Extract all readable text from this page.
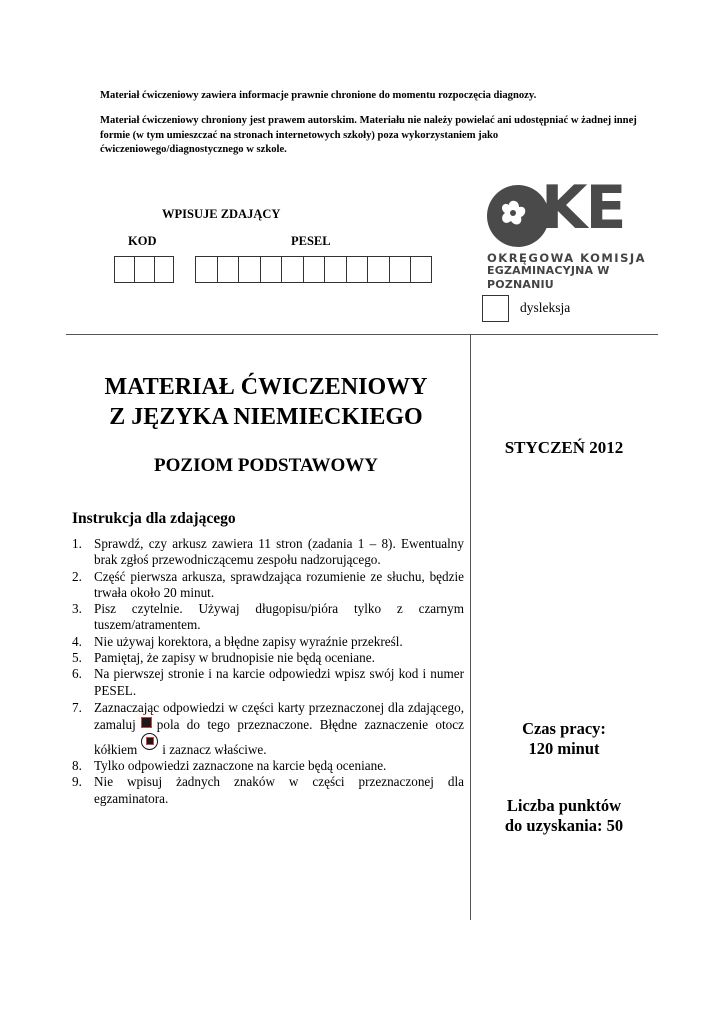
Materiał ćwiczeniowy zawiera informacje prawnie chronione do momentu rozpoczęcia diagnozy.
Materiał ćwiczeniowy chroniony jest prawem autorskim. Materiału nie należy powielać ani udostępniać w żadnej innej formie (w tym umieszczać na stronach internetowych szkoły) poza wykorzystaniem jako ćwiczeniowego/diagnostycznego w szkole.
WPISUJE ZDAJĄCY
KOD	PESEL	KE
OKRĘGOWA KOMISJA
EGZAMINACYJNA W POZNANIU
dysleksja
MATERIAŁ ĆWICZENIOWY
Z JĘZYKA NIEMIECKIEGO
POZIOM PODSTAWOWY
STYCZEŃ 2012
Czas pracy:
120 minut
Liczba punktów
do uzyskania: 50
Instrukcja dla zdającego
1. Sprawdź, czy arkusz zawiera 11 stron (zadania 1 – 8). Ewentualny brak zgłoś przewodniczącemu zespołu nadzorującego.
2. Część pierwsza arkusza, sprawdzająca rozumienie ze słuchu, będzie trwała około 20 minut.
3. Pisz czytelnie. Używaj długopisu/pióra tylko z czarnym tuszem/atramentem.
4. Nie używaj korektora, a błędne zapisy wyraźnie przekreśl.
5. Pamiętaj, że zapisy w brudnopisie nie będą oceniane.
6. Na pierwszej stronie i na karcie odpowiedzi wpisz swój kod i numer PESEL.
7. Zaznaczając odpowiedzi w części karty przeznaczonej dla zdającego, zamaluj pola do tego przeznaczone. Błędne zaznaczenie otocz kółkiem i zaznacz właściwe.
8. Tylko odpowiedzi zaznaczone na karcie będą oceniane.
9. Nie wpisuj żadnych znaków w części przeznaczonej dla egzaminatora.
